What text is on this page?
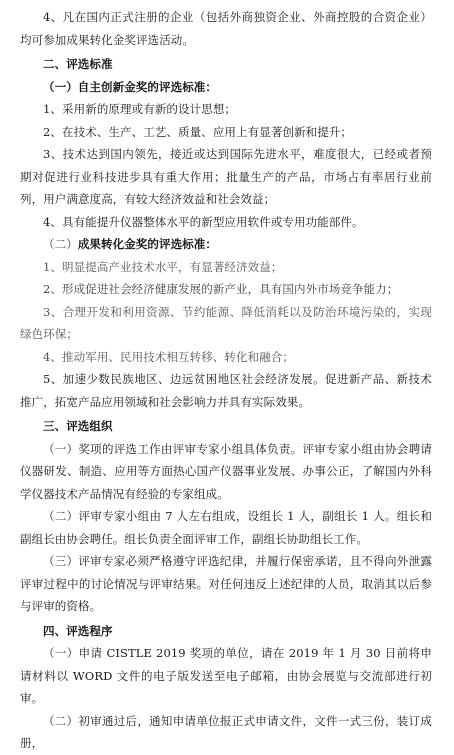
4、凡在国内正式注册的企业（包括外商独资企业、外商控股的合资企业）均可参加成果转化金奖评选活动。

二、评选标准

（一）自主创新金奖的评选标准：

1、采用新的原理或有新的设计思想；

2、在技术、生产、工艺、质量、应用上有显著创新和提升；

3、技术达到国内领先，接近或达到国际先进水平，难度很大，已经或者预期对促进行业科技进步具有重大作用；批量生产的产品，市场占有率居行业前列，用户满意度高，有较大经济效益和社会效益；

4、具有能提升仪器整体水平的新型应用软件或专用功能部件。

（二）成果转化金奖的评选标准：

1、明显提高产业技术水平，有显著经济效益；

2、形成促进社会经济健康发展的新产业，具有国内外市场竞争能力；

3、合理开发和利用资源、节约能源、降低消耗以及防治环境污染的，实现绿色环保；

4、推动军用、民用技术相互转移、转化和融合；

5、加速少数民族地区、边远贫困地区社会经济发展。促进新产品、新技术推广，拓宽产品应用领域和社会影响力并具有实际效果。

三、评选组织

（一）奖项的评选工作由评审专家小组具体负责。评审专家小组由协会聘请仪器研发、制造、应用等方面热心国产仪器事业发展、办事公正，了解国内外科学仪器技术产品情况有经验的专家组成。

（二）评审专家小组由 7 人左右组成，设组长 1 人，副组长 1 人。组长和副组长由协会聘任。组长负责全面评审工作，副组长协助组长工作。

（三）评审专家必须严格遵守评选纪律，并履行保密承诺，且不得向外泄露评审过程中的讨论情况与评审结果。对任何违反上述纪律的人员，取消其以后参与评审的资格。

四、评选程序

（一）申请 CISTLE 2019 奖项的单位，请在 2019 年 1 月 30 日前将申请材料以 WORD 文件的电子版发送至电子邮箱，由协会展览与交流部进行初审。

（二）初审通过后，通知申请单位报正式申请文件，文件一式三份，装订成册，
